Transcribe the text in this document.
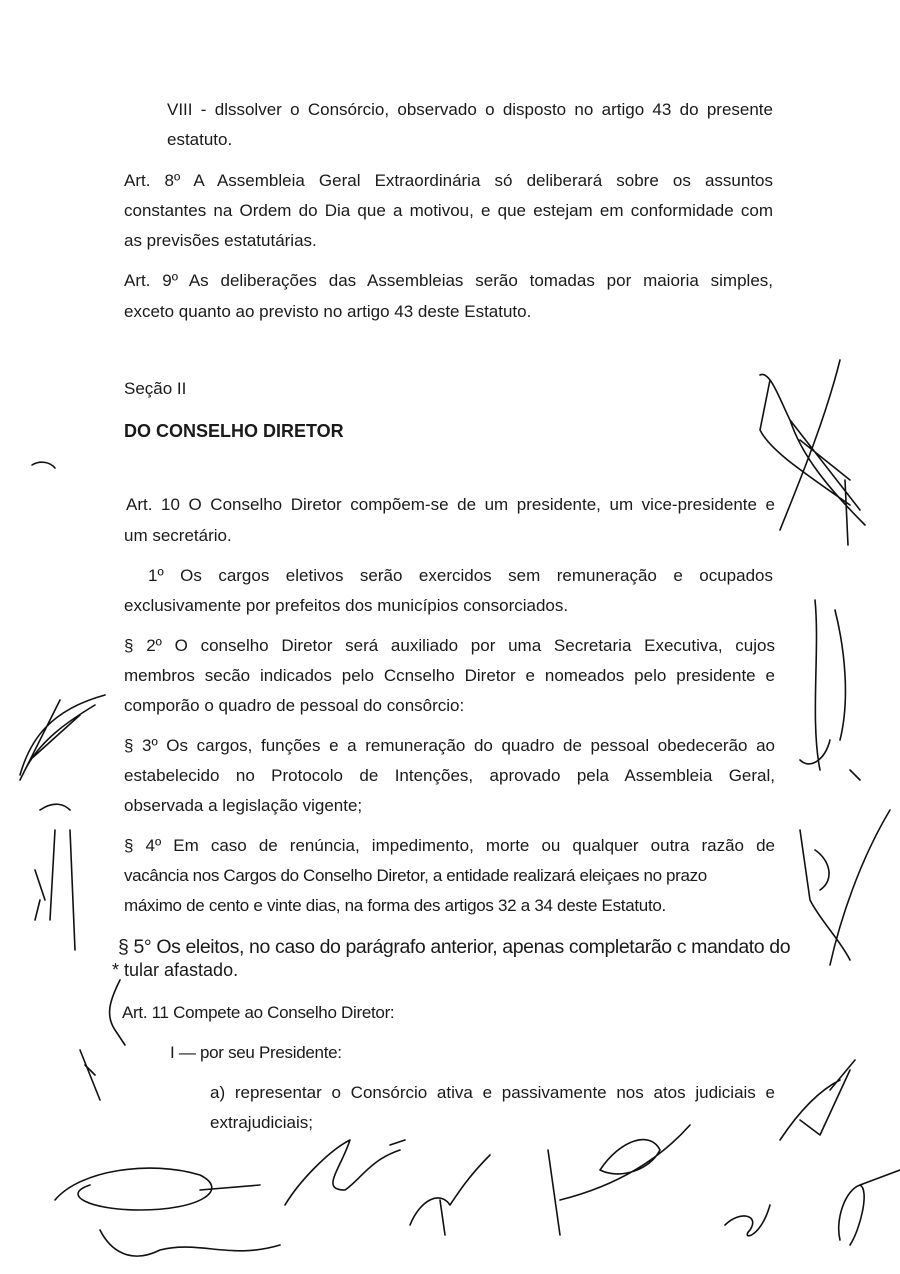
VIII - dlssolver o Consórcio, observado o disposto no artigo 43 do presente
estatuto.
Art. 8º A Assembleia Geral Extraordinária só deliberará sobre os assuntos
constantes na Ordem do Dia que a motivou, e que estejam em conformidade com
as previsões estatutárias.
Art. 9º As deliberações das Assembleias serão tomadas por maioria simples,
exceto quanto ao previsto no artigo 43 deste Estatuto.
Seção II
DO CONSELHO DIRETOR
Art. 10 O Conselho Diretor compõem-se de um presidente, um vice-presidente e
um secretário.
1º Os cargos eletivos serão exercidos sem remuneração e ocupados
exclusivamente por prefeitos dos municípios consorciados.
§ 2º O conselho Diretor será auxiliado por uma Secretaria Executiva, cujos
membros secão indicados pelo Ccnselho Diretor e nomeados pelo presidente e
comporão o quadro de pessoal do consôrcio:
§ 3º Os cargos, funções e a remuneração do quadro de pessoal obedecerão ao
estabelecido no Protocolo de Intenções, aprovado pela Assembleia Geral,
observada a legislação vigente;
§ 4º Em caso de renúncia, impedimento, morte ou qualquer outra razão de
vacância nos Cargos do Conselho Diretor, a entidade realizará eleiçaes no prazo
máximo de cento e vinte dias, na forma des artigos 32 a 34 deste Estatuto.
§ 5° Os eleitos, no caso do parágrafo anterior, apenas completarão c mandato do
* tular afastado.
Art. 11 Compete ao Conselho Diretor:
I — por seu Presidente:
a) representar o Consórcio ativa e passivamente nos atos judiciais e
extrajudiciais;
